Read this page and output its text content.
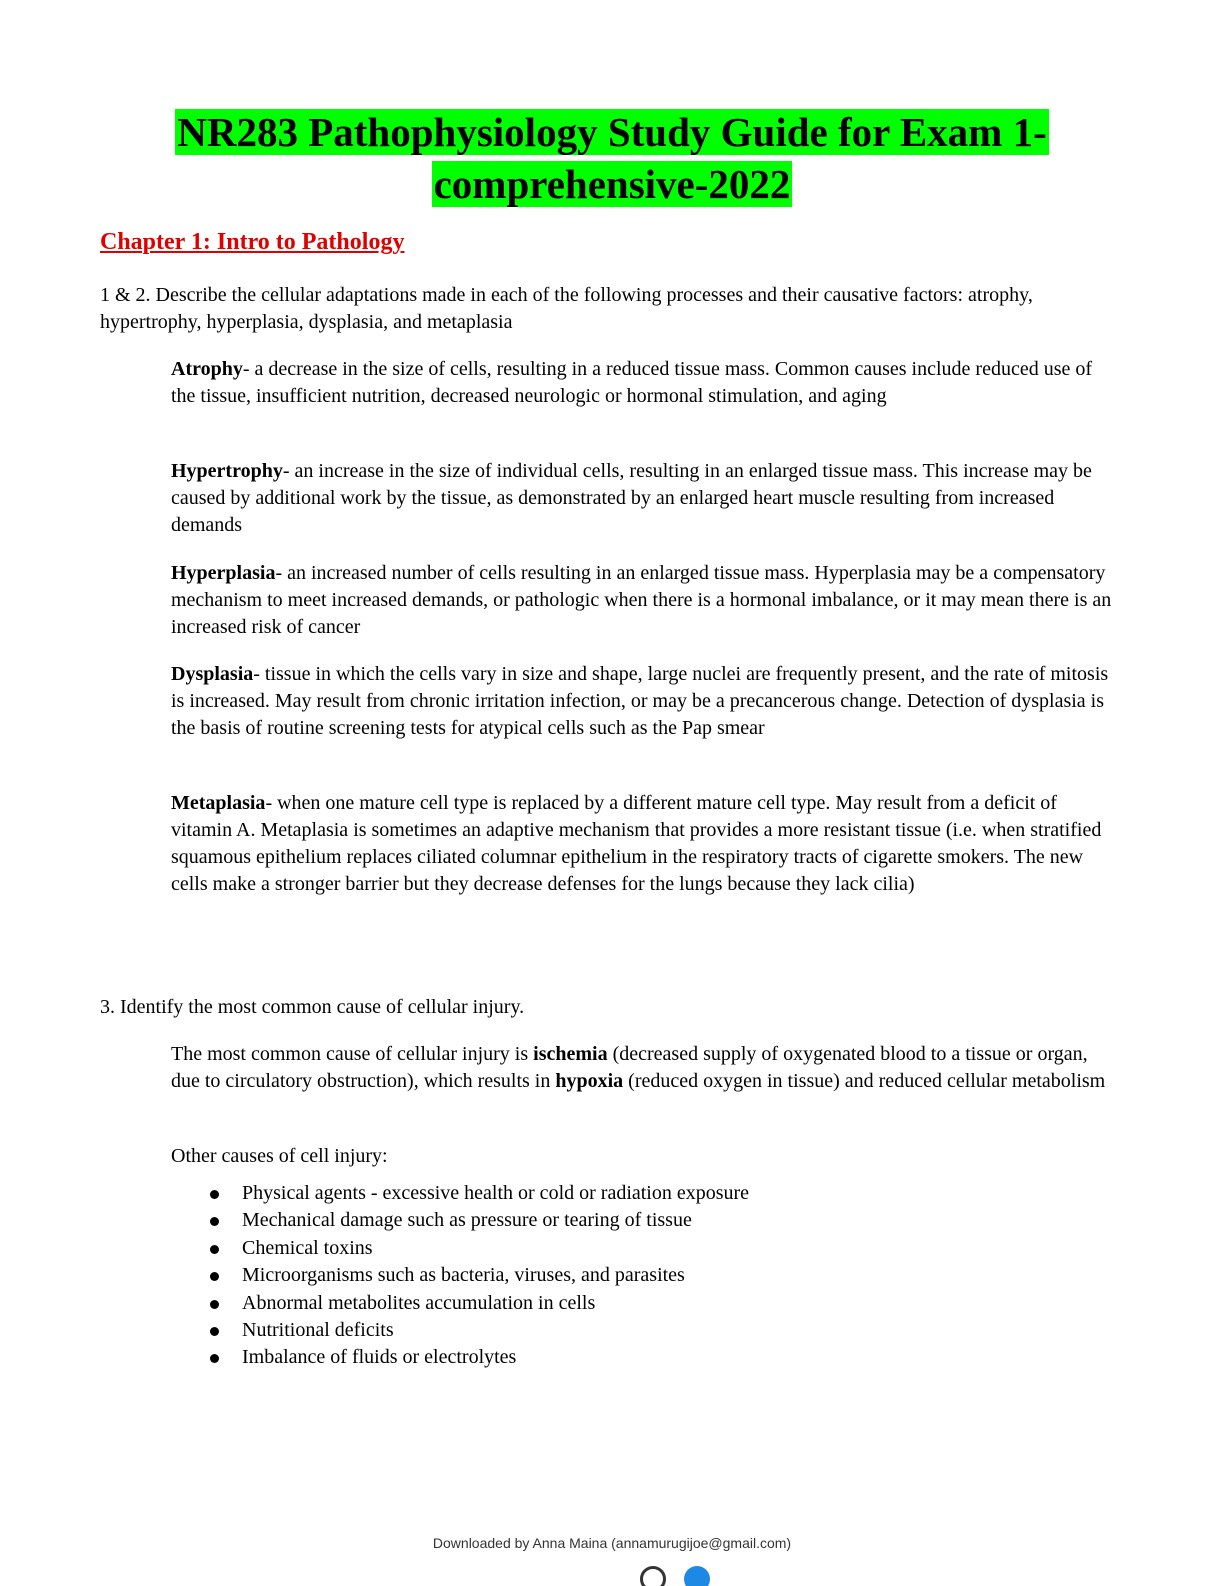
NR283 Pathophysiology Study Guide for Exam 1-
comprehensive-2022
Chapter 1: Intro to Pathology
1 & 2. Describe the cellular adaptations made in each of the following processes and their causative factors: atrophy, hypertrophy, hyperplasia, dysplasia, and metaplasia
Atrophy- a decrease in the size of cells, resulting in a reduced tissue mass. Common causes include reduced use of the tissue, insufficient nutrition, decreased neurologic or hormonal stimulation, and aging
Hypertrophy- an increase in the size of individual cells, resulting in an enlarged tissue mass. This increase may be caused by additional work by the tissue, as demonstrated by an enlarged heart muscle resulting from increased demands
Hyperplasia- an increased number of cells resulting in an enlarged tissue mass. Hyperplasia may be a compensatory mechanism to meet increased demands, or pathologic when there is a hormonal imbalance, or it may mean there is an increased risk of cancer
Dysplasia- tissue in which the cells vary in size and shape, large nuclei are frequently present, and the rate of mitosis is increased. May result from chronic irritation infection, or may be a precancerous change. Detection of dysplasia is the basis of routine screening tests for atypical cells such as the Pap smear
Metaplasia- when one mature cell type is replaced by a different mature cell type. May result from a deficit of vitamin A. Metaplasia is sometimes an adaptive mechanism that provides a more resistant tissue (i.e. when stratified squamous epithelium replaces ciliated columnar epithelium in the respiratory tracts of cigarette smokers. The new cells make a stronger barrier but they decrease defenses for the lungs because they lack cilia)
3. Identify the most common cause of cellular injury.
The most common cause of cellular injury is ischemia (decreased supply of oxygenated blood to a tissue or organ, due to circulatory obstruction), which results in hypoxia (reduced oxygen in tissue) and reduced cellular metabolism
Other causes of cell injury:
Physical agents - excessive health or cold or radiation exposure
Mechanical damage such as pressure or tearing of tissue
Chemical toxins
Microorganisms such as bacteria, viruses, and parasites
Abnormal metabolites accumulation in cells
Nutritional deficits
Imbalance of fluids or electrolytes
Downloaded by Anna Maina (annamurugijoe@gmail.com)
